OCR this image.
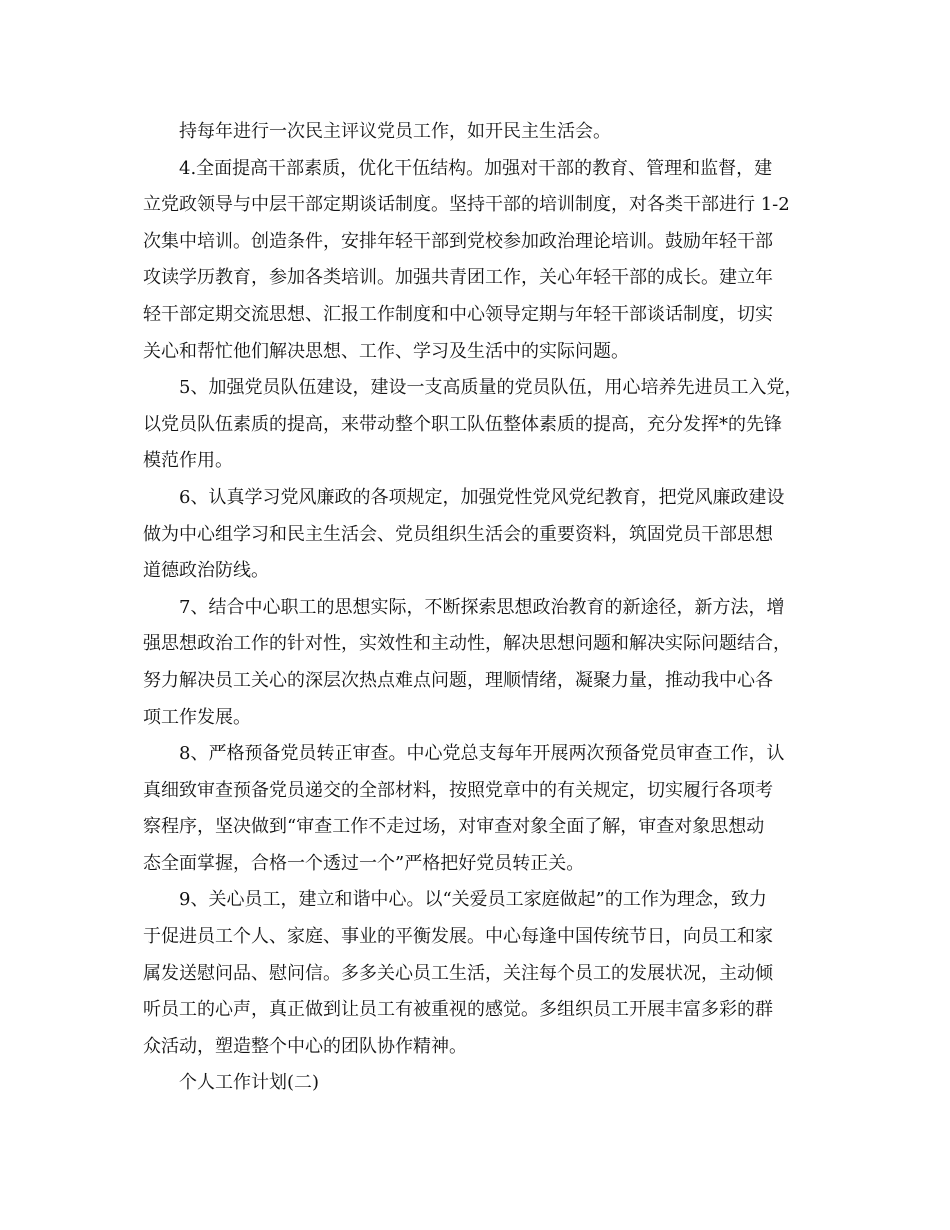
持每年进行一次民主评议党员工作，如开民主生活会。
4.全面提高干部素质，优化干伍结构。加强对干部的教育、管理和监督，建
立党政领导与中层干部定期谈话制度。坚持干部的培训制度，对各类干部进行 1-2
次集中培训。创造条件，安排年轻干部到党校参加政治理论培训。鼓励年轻干部
攻读学历教育，参加各类培训。加强共青团工作，关心年轻干部的成长。建立年
轻干部定期交流思想、汇报工作制度和中心领导定期与年轻干部谈话制度，切实
关心和帮忙他们解决思想、工作、学习及生活中的实际问题。
5、加强党员队伍建设，建设一支高质量的党员队伍，用心培养先进员工入党，
以党员队伍素质的提高，来带动整个职工队伍整体素质的提高，充分发挥*的先锋
模范作用。
6、认真学习党风廉政的各项规定，加强党性党风党纪教育，把党风廉政建设
做为中心组学习和民主生活会、党员组织生活会的重要资料，筑固党员干部思想
道德政治防线。
7、结合中心职工的思想实际，不断探索思想政治教育的新途径，新方法，增
强思想政治工作的针对性，实效性和主动性，解决思想问题和解决实际问题结合，
努力解决员工关心的深层次热点难点问题，理顺情绪，凝聚力量，推动我中心各
项工作发展。
8、严格预备党员转正审查。中心党总支每年开展两次预备党员审查工作，认
真细致审查预备党员递交的全部材料，按照党章中的有关规定，切实履行各项考
察程序，坚决做到“审查工作不走过场，对审查对象全面了解，审查对象思想动
态全面掌握，合格一个透过一个”严格把好党员转正关。
9、关心员工，建立和谐中心。以“关爱员工家庭做起”的工作为理念，致力
于促进员工个人、家庭、事业的平衡发展。中心每逢中国传统节日，向员工和家
属发送慰问品、慰问信。多多关心员工生活，关注每个员工的发展状况，主动倾
听员工的心声，真正做到让员工有被重视的感觉。多组织员工开展丰富多彩的群
众活动，塑造整个中心的团队协作精神。
个人工作计划(二)
